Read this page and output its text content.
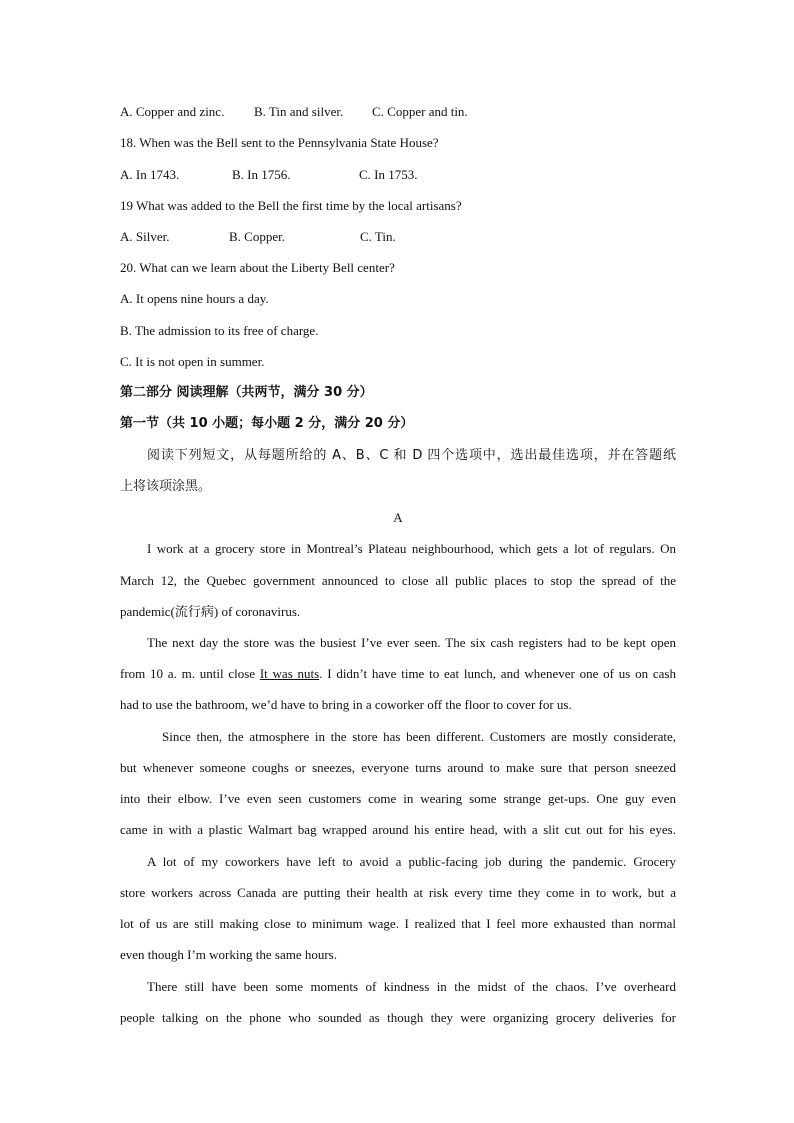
A. Copper and zinc. B. Tin and silver. C. Copper and tin.
18. When was the Bell sent to the Pennsylvania State House?
A. In 1743.	B. In 1756.	C. In 1753.
19 What was added to the Bell the first time by the local artisans?
A. Silver.	B. Copper.	C. Tin.
20. What can we learn about the Liberty Bell center?
A. It opens nine hours a day.
B. The admission to its free of charge.
C. It is not open in summer.
第二部分 阅读理解（共两节，满分 30 分）
第一节（共 10 小题；每小题 2 分，满分 20 分）
阅读下列短文，从每题所给的 A、B、C 和 D 四个选项中，选出最佳选项，并在答题纸
上将该项涂黑。
A
I work at a grocery store in Montreal’s Plateau neighbourhood, which gets a lot of regulars. On
March 12, the Quebec government announced to close all public places to stop the spread of the
pandemic(流行病) of coronavirus.
The next day the store was the busiest I’ve ever seen. The six cash registers had to be kept open
from 10 a. m. until close It was nuts. I didn’t have time to eat lunch, and whenever one of us on cash
had to use the bathroom, we’d have to bring in a coworker off the floor to cover for us.
Since then, the atmosphere in the store has been different. Customers are mostly considerate,
but whenever someone coughs or sneezes, everyone turns around to make sure that person sneezed
into their elbow. I’ve even seen customers come in wearing some strange get-ups. One guy even
came in with a plastic Walmart bag wrapped around his entire head, with a slit cut out for his eyes.
A lot of my coworkers have left to avoid a public-facing job during the pandemic. Grocery
store workers across Canada are putting their health at risk every time they come in to work, but a
lot of us are still making close to minimum wage. I realized that I feel more exhausted than normal
even though I’m working the same hours.
There still have been some moments of kindness in the midst of the chaos. I’ve overheard
people talking on the phone who sounded as though they were organizing grocery deliveries for
